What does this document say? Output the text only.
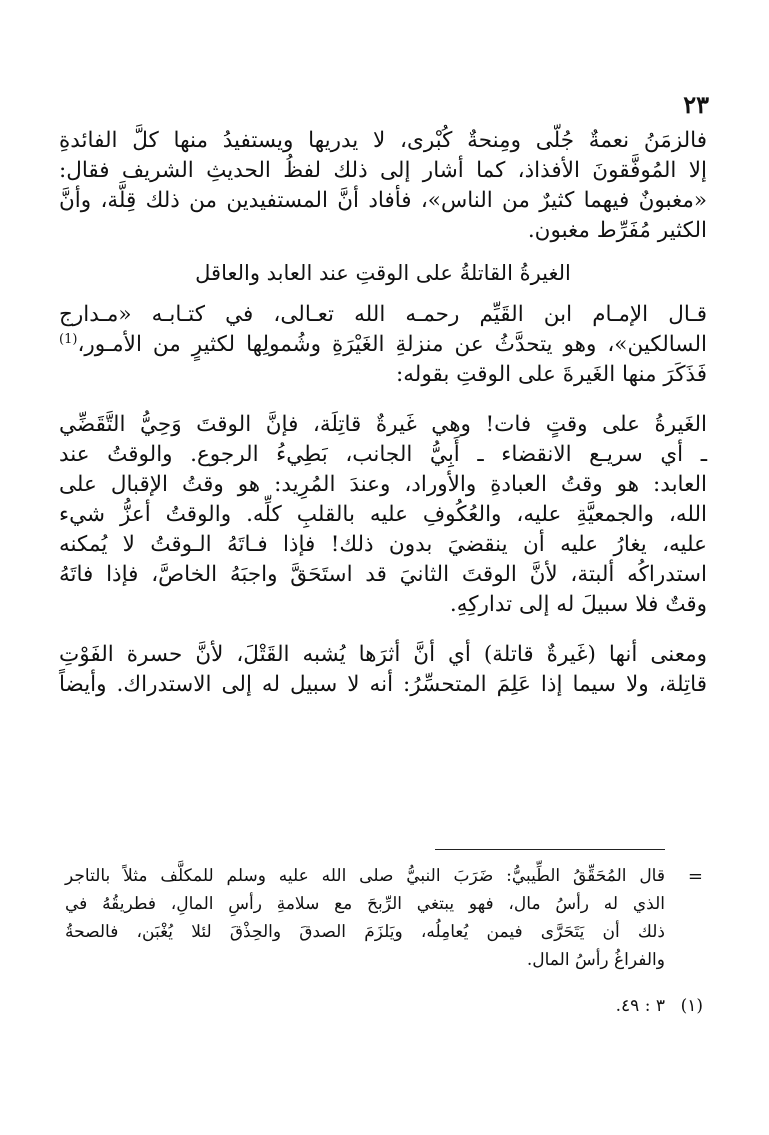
٢٣

فالزمَنُ نعمةٌ جُلّى ومِنحةٌ كُبْرى، لا يدريها ويستفيدُ منها كلَّ الفائدةِ
إلا المُوفَّقونَ الأفذاذ، كما أشار إلى ذلك لفظُ الحديثِ الشريف فقال:
«مغبونٌ فيهما كثيرٌ من الناس»، فأفاد أنَّ المستفيدين من ذلك قِلَّة، وأنَّ
الكثير مُفَرِّط مغبون.
الغيرةُ القاتلةُ على الوقتِ عند العابد والعاقل
قـال الإمـام ابن القَيِّم رحمـه الله تعـالى، في كتـابـه «مـدارج
السالكين»، وهو يتحدَّثُ عن منزلةِ الغَيْرَةِ وشُمولِها لكثيرٍ من الأمـور،$^{(1)}$
فَذَكَرَ منها الغَيرةَ على الوقتِ بقوله:
الغَيرةُ على وقتٍ فات! وهي غَيرةٌ قاتِلَة، فإنَّ الوقتَ وَحِيُّ التَّقَضِّي
ـ أي سريـع الانقضاء ـ أَبِيُّ الجانب، بَطِيءُ الرجوع. والوقتُ عند
العابد: هو وقتُ العبادةِ والأوراد، وعندَ المُرِيد: هو وقتُ الإقبال على
الله، والجمعيَّةِ عليه، والعُكُوفِ عليه بالقلبِ كلِّه. والوقتُ أعزُّ شيء
عليه، يغارُ عليه أن ينقضيَ بدون ذلك! فإذا فـاتَهُ الـوقتُ لا يُمكنه
استدراكُه ألبتة، لأنَّ الوقتَ الثانيَ قد استَحَقَّ واجبَهُ الخاصَّ، فإذا فاتَهُ
وقتٌ فلا سبيلَ له إلى تداركِهِ.
ومعنى أنها (غَيرةٌ قاتلة) أي أنَّ أثرَها يُشبه القَتْلَ، لأنَّ حسرة الفَوْتِ
قاتِلة، ولا سيما إذا عَلِمَ المتحسِّرُ: أنه لا سبيل له إلى الاستدراك. وأيضاً

=

قال المُحَقِّقُ الطِّيبيُّ: ضَرَبَ النبيُّ صلى الله عليه وسلم للمكلَّف مثلاً بالتاجر
الذي له رأسُ مال، فهو يبتغي الرِّبحَ مع سلامةِ رأسِ المالِ، فطريقُهُ في
ذلك أن يَتَحَرَّى فيمن يُعامِلُه، ويَلزَمَ الصدقَ والحِذْقَ لئلا يُغْبَن، فالصحةُ
والفراغُ رأسُ المال.
(١)
٣ : ٤٩.
